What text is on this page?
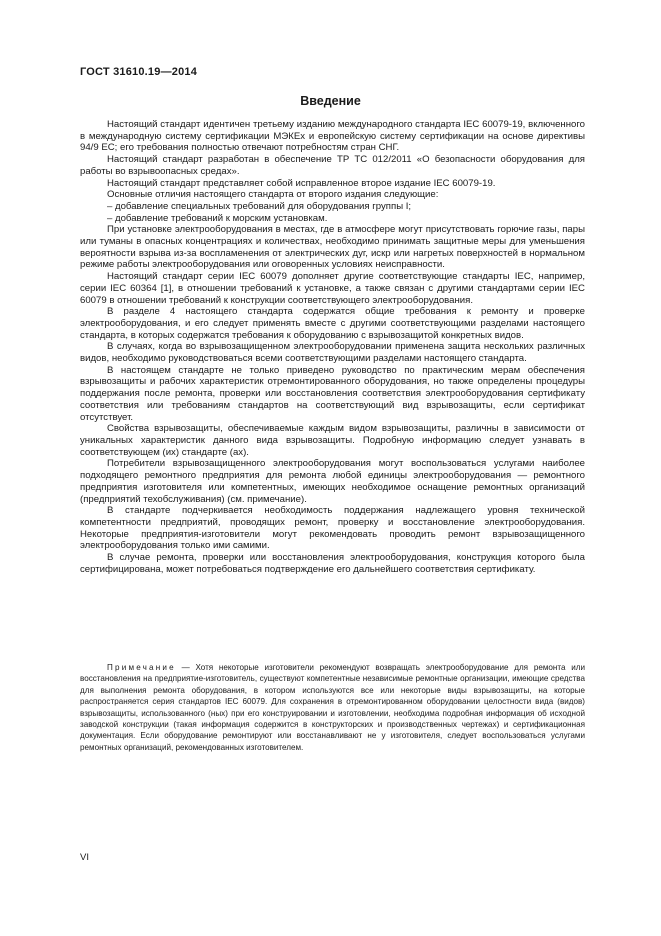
ГОСТ 31610.19—2014
Введение

Настоящий стандарт идентичен третьему изданию международного стандарта IEC 60079-19, включенного в международную систему сертификации МЭКЕх и европейскую систему сертификации на основе директивы 94/9 ЕС; его требования полностью отвечают потребностям стран СНГ.

Настоящий стандарт разработан в обеспечение ТР ТС 012/2011 «О безопасности оборудования для работы во взрывоопасных средах».

Настоящий стандарт представляет собой исправленное второе издание IEC 60079-19.

Основные отличия настоящего стандарта от второго издания следующие:

– добавление специальных требований для оборудования группы I;

– добавление требований к морским установкам.

При установке электрооборудования в местах, где в атмосфере могут присутствовать горючие газы, пары или туманы в опасных концентрациях и количествах, необходимо принимать защитные меры для уменьшения вероятности взрыва из-за воспламенения от электрических дуг, искр или нагретых поверхностей в нормальном режиме работы электрооборудования или оговоренных условиях неисправности.

Настоящий стандарт серии IEC 60079 дополняет другие соответствующие стандарты IEC, например, серии IEC 60364 [1], в отношении требований к установке, а также связан с другими стандартами серии IEC 60079 в отношении требований к конструкции соответствующего электрооборудования.

В разделе 4 настоящего стандарта содержатся общие требования к ремонту и проверке электрооборудования, и его следует применять вместе с другими соответствующими разделами настоящего стандарта, в которых содержатся требования к оборудованию с взрывозащитой конкретных видов.

В случаях, когда во взрывозащищенном электрооборудовании применена защита нескольких различных видов, необходимо руководствоваться всеми соответствующими разделами настоящего стандарта.

В настоящем стандарте не только приведено руководство по практическим мерам обеспечения взрывозащиты и рабочих характеристик отремонтированного оборудования, но также определены процедуры поддержания после ремонта, проверки или восстановления соответствия электрооборудования сертификату соответствия или требованиям стандартов на соответствующий вид взрывозащиты, если сертификат отсутствует.

Свойства взрывозащиты, обеспечиваемые каждым видом взрывозащиты, различны в зависимости от уникальных характеристик данного вида взрывозащиты. Подробную информацию следует узнавать в соответствующем (их) стандарте (ах).

Потребители взрывозащищенного электрооборудования могут воспользоваться услугами наиболее подходящего ремонтного предприятия для ремонта любой единицы электрооборудования — ремонтного предприятия изготовителя или компетентных, имеющих необходимое оснащение ремонтных организаций (предприятий техобслуживания) (см. примечание).

В стандарте подчеркивается необходимость поддержания надлежащего уровня технической компетентности предприятий, проводящих ремонт, проверку и восстановление электрооборудования. Некоторые предприятия-изготовители могут рекомендовать проводить ремонт взрывозащищенного электрооборудования только ими самими.

В случае ремонта, проверки или восстановления электрооборудования, конструкция которого была сертифицирована, может потребоваться подтверждение его дальнейшего соответствия сертификату.

Примечание — Хотя некоторые изготовители рекомендуют возвращать электрооборудование для ремонта или восстановления на предприятие-изготовитель, существуют компетентные независимые ремонтные организации, имеющие средства для выполнения ремонта оборудования, в котором используются все или некоторые виды взрывозащиты, на которые распространяется серия стандартов IEC 60079. Для сохранения в отремонтированном оборудовании целостности вида (видов) взрывозащиты, использованного (ных) при его конструировании и изготовлении, необходима подробная информация об исходной заводской конструкции (такая информация содержится в конструкторских и производственных чертежах) и сертификационная документация. Если оборудование ремонтируют или восстанавливают не у изготовителя, следует воспользоваться услугами ремонтных организаций, рекомендованных изготовителем.

VI
